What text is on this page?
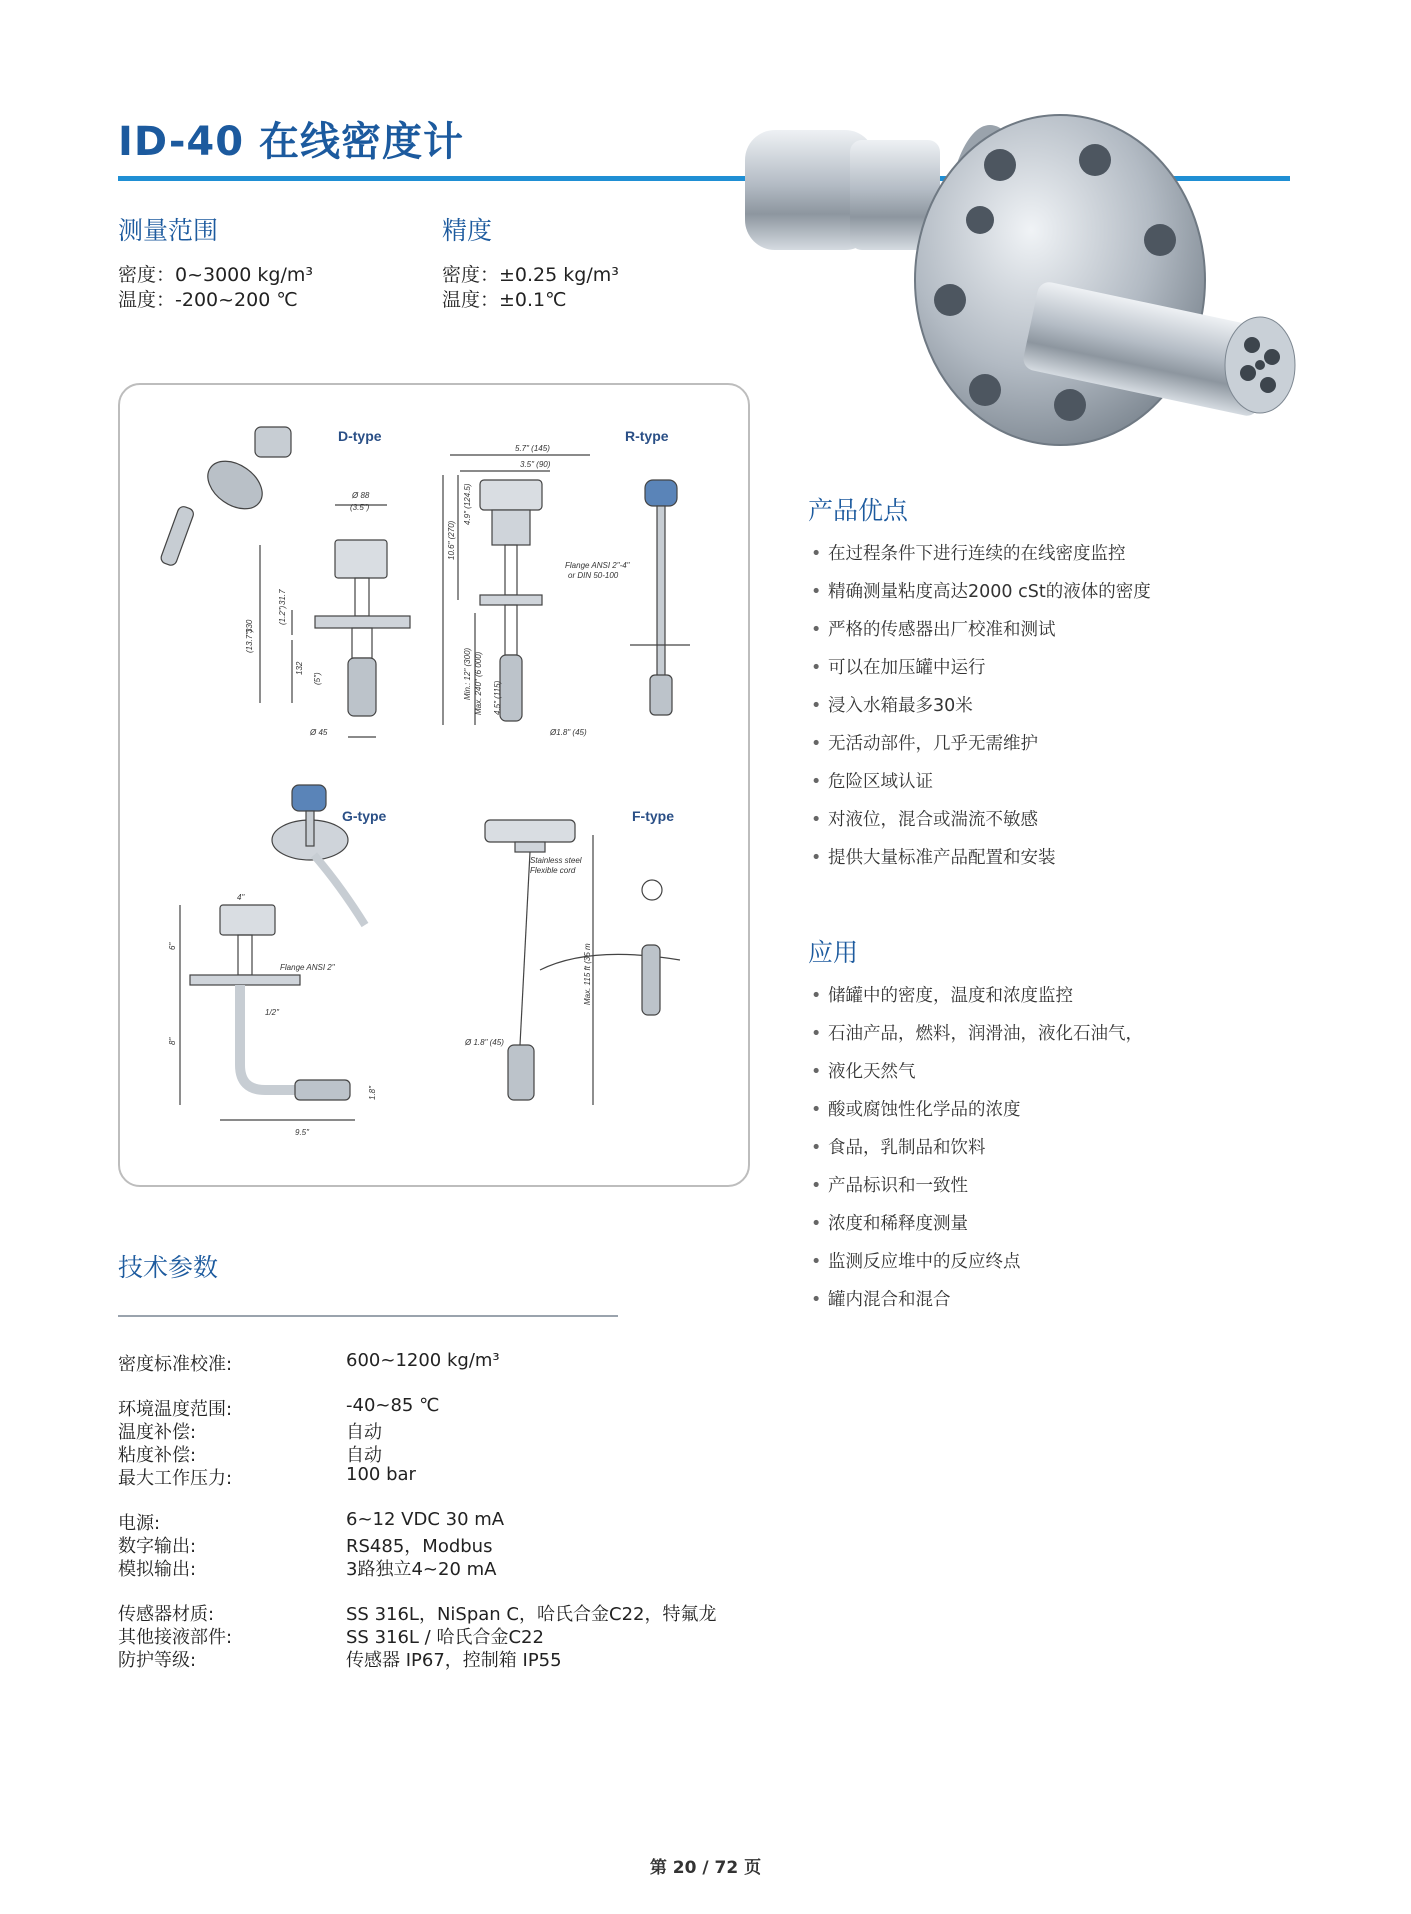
ID-40 在线密度计
测量范围
密度：0~3000 kg/m³
温度：-200~200 ℃
精度
密度：±0.25 kg/m³
温度：±0.1℃
Ø 88
(3.5")
330
(13.7")
31.7
(1.2")
132
(5")
Ø 45
5.7" (145)
3.5" (90)
4.9" (124.5)
10.6" (270)
Flange ANSI 2"-4"
or DIN 50-100
Min.: 12" (300) Max. 240" (6 000) 4.5" (115)
Ø1.8" (45)
4"
6"
Flange ANSI 2"
1/2"
8"
1.8"
9.5"
Stainless steel
Flexible cord
Max. 115 ft (35 m
Ø 1.8" (45)
D-type	R-type
G-type	F-type
产品优点
• 在过程条件下进行连续的在线密度监控
• 精确测量粘度高达2000 cSt的液体的密度
• 严格的传感器出厂校准和测试
• 可以在加压罐中运行
• 浸入水箱最多30米
• 无活动部件，几乎无需维护
• 危险区域认证
• 对液位，混合或湍流不敏感
• 提供大量标准产品配置和安装
应用
• 储罐中的密度，温度和浓度监控
• 石油产品，燃料，润滑油，液化石油气，
• 液化天然气
• 酸或腐蚀性化学品的浓度
• 食品，乳制品和饮料
• 产品标识和一致性
• 浓度和稀释度测量
• 监测反应堆中的反应终点
• 罐内混合和混合
技术参数
密度标准校准:	600~1200 kg/m³
环境温度范围:	-40~85 ℃
温度补偿:	自动
粘度补偿:	自动
最大工作压力:	100 bar
电源:	6~12 VDC 30 mA
数字输出:	RS485，Modbus
模拟输出:	3路独立4~20 mA
传感器材质:	SS 316L，NiSpan C，哈氏合金C22，特氟龙
其他接液部件:	SS 316L / 哈氏合金C22
防护等级:	传感器 IP67，控制箱 IP55
第 20 / 72 页
